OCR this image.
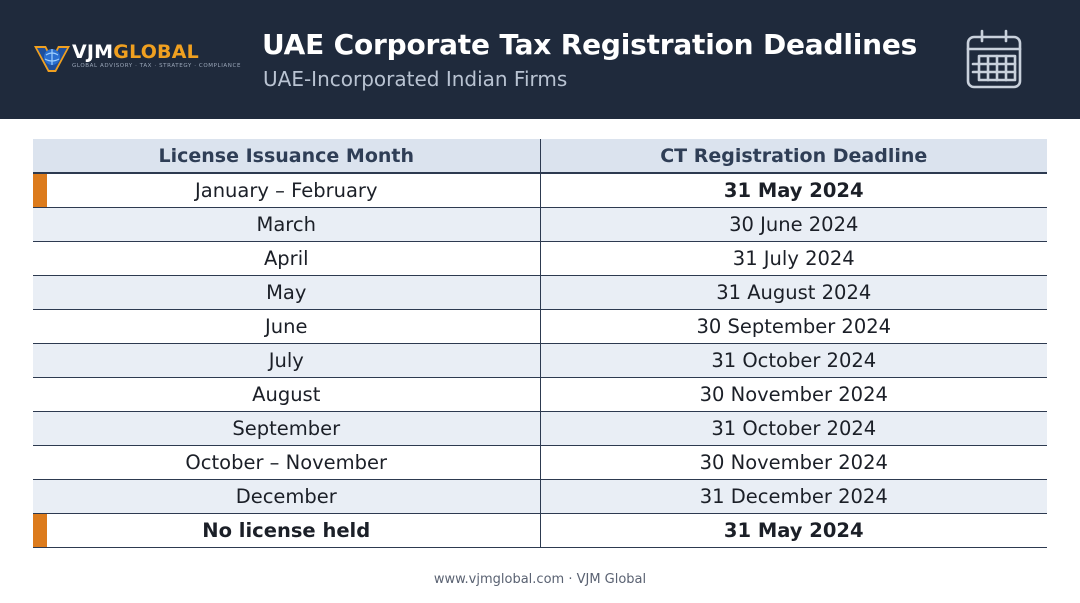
VJMGLOBAL
GLOBAL ADVISORY · TAX · STRATEGY · COMPLIANCE
UAE Corporate Tax Registration Deadlines
UAE-Incorporated Indian Firms
License Issuance Month	CT Registration Deadline
January – February	31 May 2024
March	30 June 2024
April	31 July 2024
May	31 August 2024
June	30 September 2024
July	31 October 2024
August	30 November 2024
September	31 October 2024
October – November	30 November 2024
December	31 December 2024
No license held	31 May 2024
www.vjmglobal.com · VJM Global
